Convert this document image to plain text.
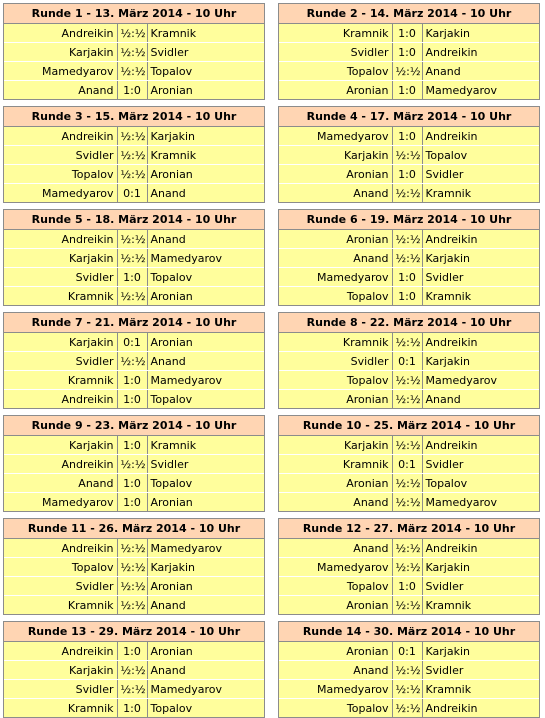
Runde 1 - 13. März 2014 - 10 Uhr
Andreikin	½:½	Kramnik
Karjakin	½:½	Svidler
Mamedyarov	½:½	Topalov
Anand	1:0	Aronian
Runde 2 - 14. März 2014 - 10 Uhr
Kramnik	1:0	Karjakin
Svidler	1:0	Andreikin
Topalov	½:½	Anand
Aronian	1:0	Mamedyarov
Runde 3 - 15. März 2014 - 10 Uhr
Andreikin	½:½	Karjakin
Svidler	½:½	Kramnik
Topalov	½:½	Aronian
Mamedyarov	0:1	Anand
Runde 4 - 17. März 2014 - 10 Uhr
Mamedyarov	1:0	Andreikin
Karjakin	½:½	Topalov
Aronian	1:0	Svidler
Anand	½:½	Kramnik
Runde 5 - 18. März 2014 - 10 Uhr
Andreikin	½:½	Anand
Karjakin	½:½	Mamedyarov
Svidler	1:0	Topalov
Kramnik	½:½	Aronian
Runde 6 - 19. März 2014 - 10 Uhr
Aronian	½:½	Andreikin
Anand	½:½	Karjakin
Mamedyarov	1:0	Svidler
Topalov	1:0	Kramnik
Runde 7 - 21. März 2014 - 10 Uhr
Karjakin	0:1	Aronian
Svidler	½:½	Anand
Kramnik	1:0	Mamedyarov
Andreikin	1:0	Topalov
Runde 8 - 22. März 2014 - 10 Uhr
Kramnik	½:½	Andreikin
Svidler	0:1	Karjakin
Topalov	½:½	Mamedyarov
Aronian	½:½	Anand
Runde 9 - 23. März 2014 - 10 Uhr
Karjakin	1:0	Kramnik
Andreikin	½:½	Svidler
Anand	1:0	Topalov
Mamedyarov	1:0	Aronian
Runde 10 - 25. März 2014 - 10 Uhr
Karjakin	½:½	Andreikin
Kramnik	0:1	Svidler
Aronian	½:½	Topalov
Anand	½:½	Mamedyarov
Runde 11 - 26. März 2014 - 10 Uhr
Andreikin	½:½	Mamedyarov
Topalov	½:½	Karjakin
Svidler	½:½	Aronian
Kramnik	½:½	Anand
Runde 12 - 27. März 2014 - 10 Uhr
Anand	½:½	Andreikin
Mamedyarov	½:½	Karjakin
Topalov	1:0	Svidler
Aronian	½:½	Kramnik
Runde 13 - 29. März 2014 - 10 Uhr
Andreikin	1:0	Aronian
Karjakin	½:½	Anand
Svidler	½:½	Mamedyarov
Kramnik	1:0	Topalov
Runde 14 - 30. März 2014 - 10 Uhr
Aronian	0:1	Karjakin
Anand	½:½	Svidler
Mamedyarov	½:½	Kramnik
Topalov	½:½	Andreikin
